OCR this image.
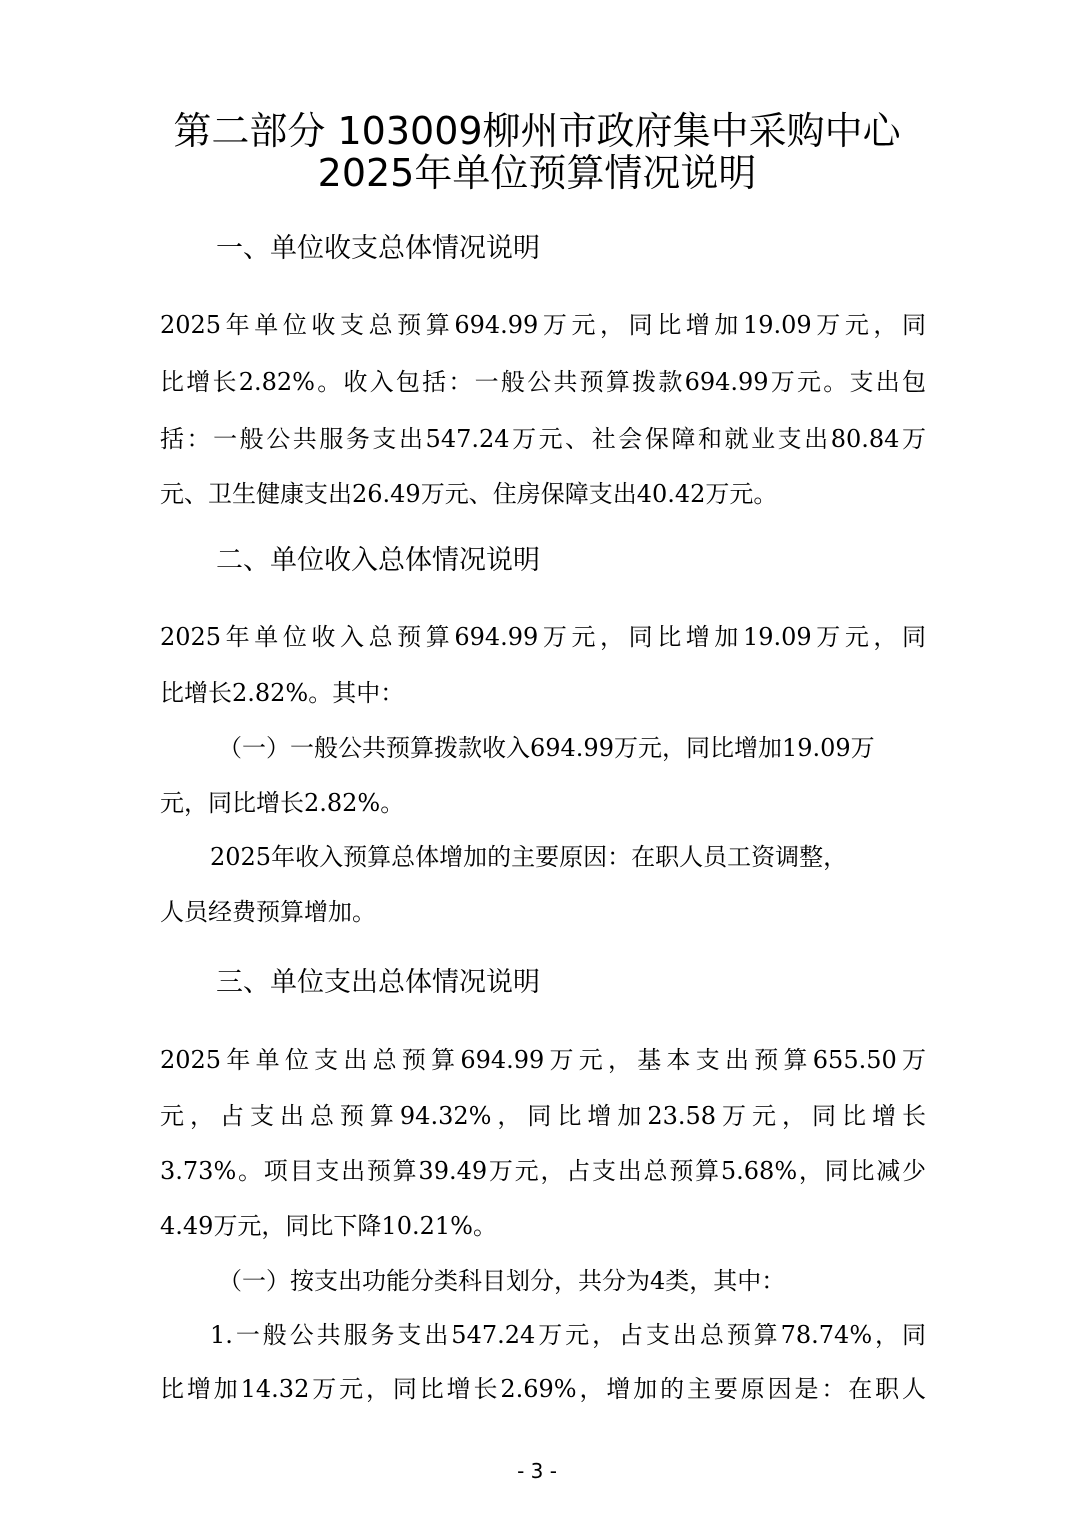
第二部分 103009柳州市政府集中采购中心
2025年单位预算情况说明
一、单位收支总体情况说明
2025年单位收支总预算694.99万元，同比增加19.09万元，同
比增长2.82%。收入包括：一般公共预算拨款694.99万元。支出包
括：一般公共服务支出547.24万元、社会保障和就业支出80.84万
元、卫生健康支出26.49万元、住房保障支出40.42万元。
二、单位收入总体情况说明
2025年单位收入总预算694.99万元，同比增加19.09万元，同
比增长2.82%。其中：
（一）一般公共预算拨款收入694.99万元，同比增加19.09万
元，同比增长2.82%。
2025年收入预算总体增加的主要原因：在职人员工资调整，
人员经费预算增加。
三、单位支出总体情况说明
2025年单位支出总预算694.99万元，基本支出预算655.50万
元，占支出总预算94.32%，同比增加23.58万元，同比增长
3.73%。项目支出预算39.49万元，占支出总预算5.68%，同比减少
4.49万元，同比下降10.21%。
（一）按支出功能分类科目划分，共分为4类，其中：
1.一般公共服务支出547.24万元，占支出总预算78.74%，同
比增加14.32万元，同比增长2.69%，增加的主要原因是：在职人
- 3 -
